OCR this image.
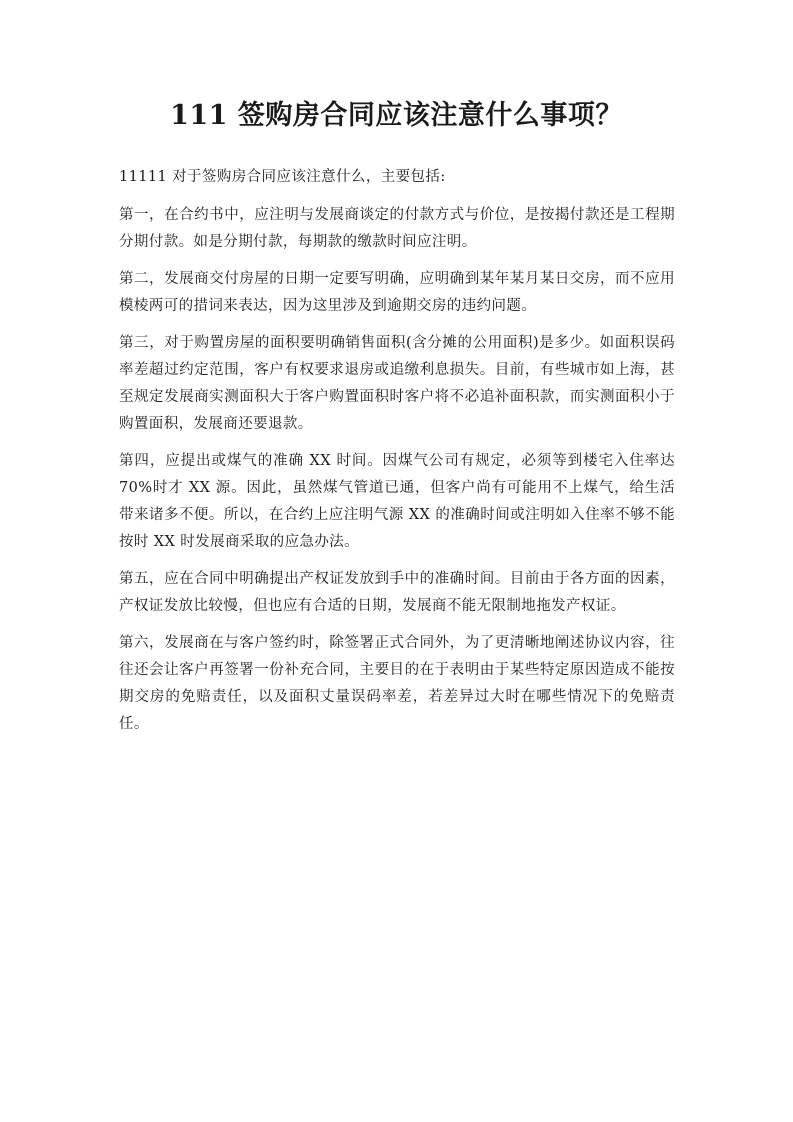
111 签购房合同应该注意什么事项？

11111 对于签购房合同应该注意什么，主要包括:

第一，在合约书中，应注明与发展商谈定的付款方式与价位，是按揭付款还是工程期分期付款。如是分期付款，每期款的缴款时间应注明。

第二，发展商交付房屋的日期一定要写明确，应明确到某年某月某日交房，而不应用模棱两可的措词来表达，因为这里涉及到逾期交房的违约问题。

第三，对于购置房屋的面积要明确销售面积(含分摊的公用面积)是多少。如面积误码率差超过约定范围，客户有权要求退房或追缴利息损失。目前，有些城市如上海，甚至规定发展商实测面积大于客户购置面积时客户将不必追补面积款，而实测面积小于购置面积，发展商还要退款。

第四，应提出或煤气的准确 XX 时间。因煤气公司有规定，必须等到楼宅入住率达 70%时才 XX 源。因此，虽然煤气管道已通，但客户尚有可能用不上煤气，给生活带来诸多不便。所以，在合约上应注明气源 XX 的准确时间或注明如入住率不够不能按时 XX 时发展商采取的应急办法。

第五，应在合同中明确提出产权证发放到手中的准确时间。目前由于各方面的因素，产权证发放比较慢，但也应有合适的日期，发展商不能无限制地拖发产权证。

第六，发展商在与客户签约时，除签署正式合同外，为了更清晰地阐述协议内容，往往还会让客户再签署一份补充合同，主要目的在于表明由于某些特定原因造成不能按期交房的免赔责任，以及面积丈量误码率差，若差异过大时在哪些情况下的免赔责任。
